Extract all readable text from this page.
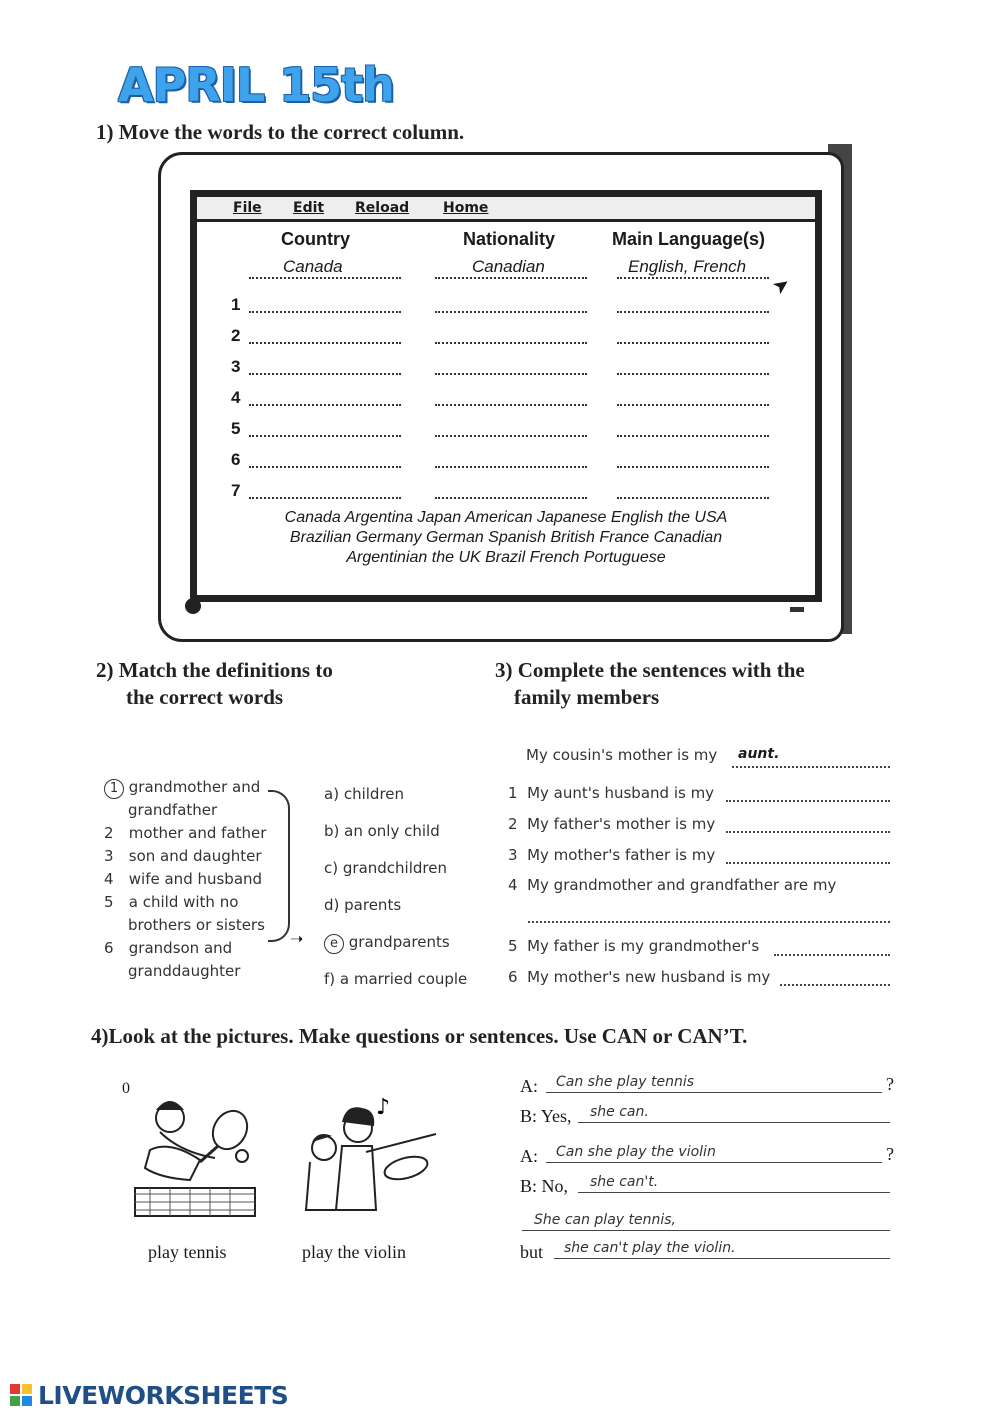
APRIL 15th
1) Move the words to the correct column.
File Edit Reload Home
Country	Nationality	Main Language(s)
Canada	Canadian	English, French
➤
1
2
3
4
5
6
7
Canada Argentina Japan American Japanese English the USA
Brazilian Germany German Spanish British France Canadian
Argentinian the UK Brazil French Portuguese
2) Match the definitions to
the correct words
1 grandmother and
grandfather
2 mother and father
3 son and daughter
4 wife and husband
5 a child with no
brothers or sisters
6 grandson and
granddaughter
➝
a) children
b) an only child
c) grandchildren
d) parents
e grandparents
f) a married couple
3) Complete the sentences with the
family members
My cousin's mother is my aunt.
1 My aunt's husband is my
2 My father's mother is my
3 My mother's father is my
4 My grandmother and grandfather are my
5 My father is my grandmother's
6 My mother's new husband is my
4)Look at the pictures. Make questions or sentences. Use CAN or CAN’T.
0
play tennis
♪
play the violin
A: Can she play tennis	?
B: Yes, she can.
A: Can she play the violin	?
B: No, she can't.
She can play tennis,
but she can't play the violin.
LIVEWORKSHEETS
